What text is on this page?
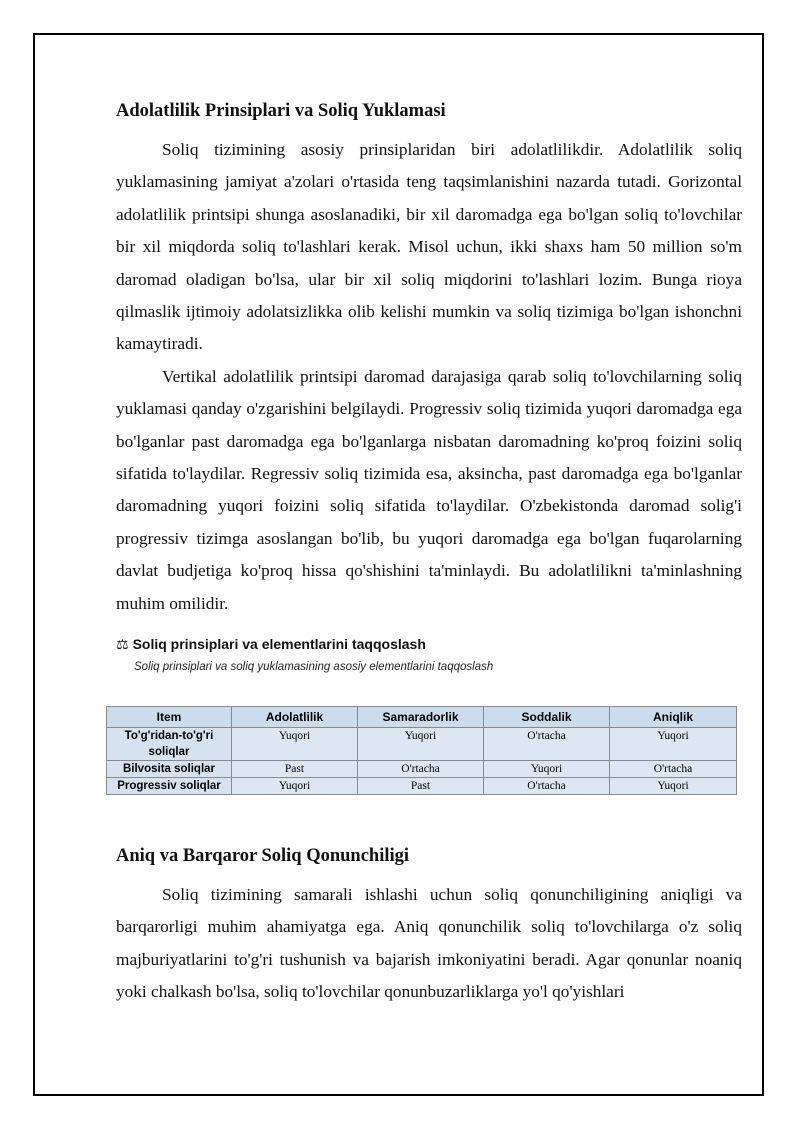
Adolatlilik Prinsiplari va Soliq Yuklamasi

Soliq tizimining asosiy prinsiplaridan biri adolatlilikdir. Adolatlilik soliq yuklamasining jamiyat a'zolari o'rtasida teng taqsimlanishini nazarda tutadi. Gorizontal adolatlilik printsipi shunga asoslanadiki, bir xil daromadga ega bo'lgan soliq to'lovchilar bir xil miqdorda soliq to'lashlari kerak. Misol uchun, ikki shaxs ham 50 million so'm daromad oladigan bo'lsa, ular bir xil soliq miqdorini to'lashlari lozim. Bunga rioya qilmaslik ijtimoiy adolatsizlikka olib kelishi mumkin va soliq tizimiga bo'lgan ishonchni kamaytiradi.

Vertikal adolatlilik printsipi daromad darajasiga qarab soliq to'lovchilarning soliq yuklamasi qanday o'zgarishini belgilaydi. Progressiv soliq tizimida yuqori daromadga ega bo'lganlar past daromadga ega bo'lganlarga nisbatan daromadning ko'proq foizini soliq sifatida to'laydilar. Regressiv soliq tizimida esa, aksincha, past daromadga ega bo'lganlar daromadning yuqori foizini soliq sifatida to'laydilar. O'zbekistonda daromad solig'i progressiv tizimga asoslangan bo'lib, bu yuqori daromadga ega bo'lgan fuqarolarning davlat budjetiga ko'proq hissa qo'shishini ta'minlaydi. Bu adolatlilikni ta'minlashning muhim omilidir.

⚖ Soliq prinsiplari va elementlarini taqqoslash
Soliq prinsiplari va soliq yuklamasining asosiy elementlarini taqqoslash
Item	Adolatlilik	Samaradorlik	Soddalik	Aniqlik
To'g'ridan-to'g'ri soliqlar	Yuqori	Yuqori	O'rtacha	Yuqori
Bilvosita soliqlar	Past	O'rtacha	Yuqori	O'rtacha
Progressiv soliqlar	Yuqori	Past	O'rtacha	Yuqori
Aniq va Barqaror Soliq Qonunchiligi

Soliq tizimining samarali ishlashi uchun soliq qonunchiligining aniqligi va barqarorligi muhim ahamiyatga ega. Aniq qonunchilik soliq to'lovchilarga o'z soliq majburiyatlarini to'g'ri tushunish va bajarish imkoniyatini beradi. Agar qonunlar noaniq yoki chalkash bo'lsa, soliq to'lovchilar qonunbuzarliklarga yo'l qo'yishlari
